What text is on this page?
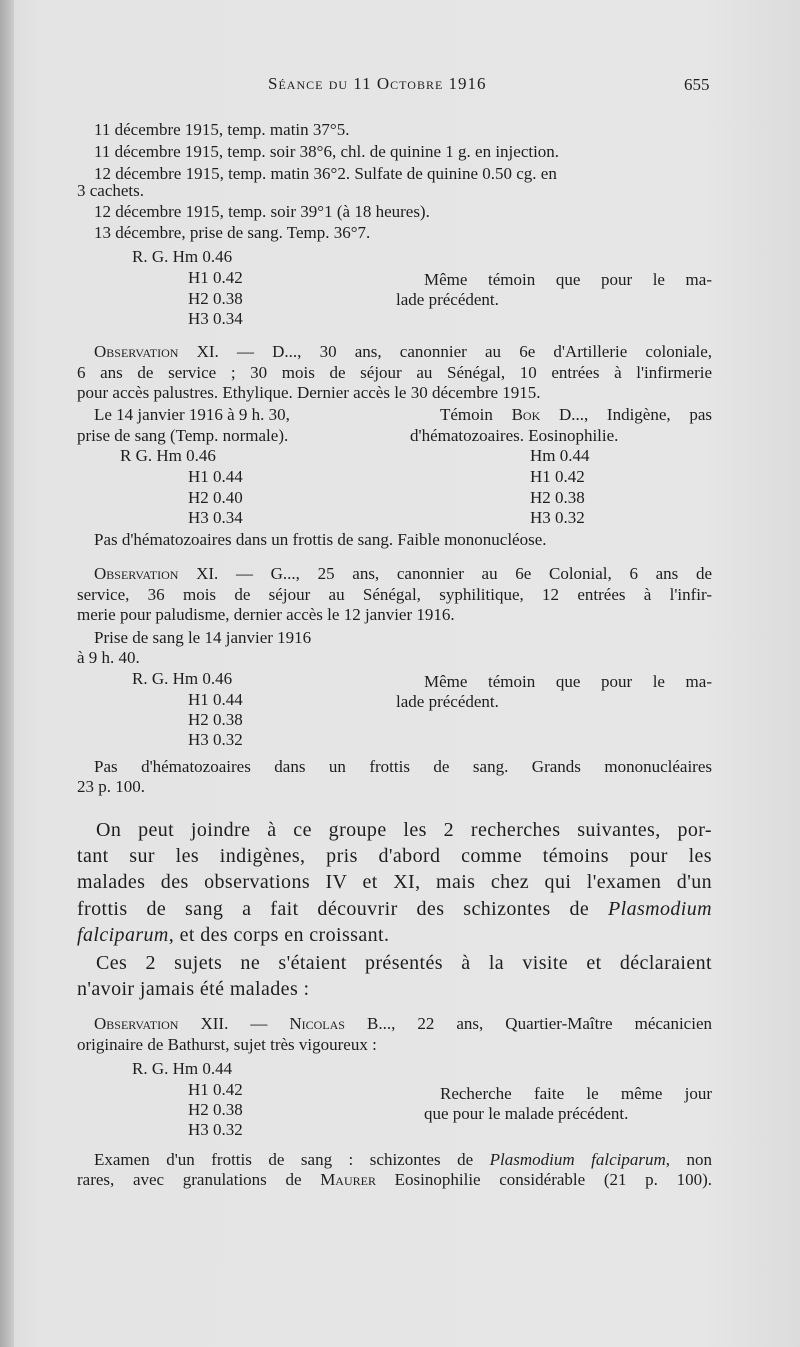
Séance du 11 Octobre 1916	655
11 décembre 1915, temp. matin 37°5.
11 décembre 1915, temp. soir 38°6, chl. de quinine 1 g. en injection.
12 décembre 1915, temp. matin 36°2. Sulfate de quinine 0.50 cg. en
3 cachets.
12 décembre 1915, temp. soir 39°1 (à 18 heures).
13 décembre, prise de sang. Temp. 36°7.
R. G. Hm 0.46
H1 0.42
H2 0.38
H3 0.34
Même témoin que pour le ma-
lade précédent.
Observation XI. — D..., 30 ans, canonnier au 6e d'Artillerie coloniale,
6 ans de service ; 30 mois de séjour au Sénégal, 10 entrées à l'infirmerie
pour accès palustres. Ethylique. Dernier accès le 30 décembre 1915.
Le 14 janvier 1916 à 9 h. 30,
prise de sang (Temp. normale).
Témoin Bok D..., Indigène, pas
d'hématozoaires. Eosinophilie.
R G. Hm 0.46
H1 0.44
H2 0.40
H3 0.34
Hm 0.44
H1 0.42
H2 0.38
H3 0.32
Pas d'hématozoaires dans un frottis de sang. Faible mononucléose.
Observation XI. — G..., 25 ans, canonnier au 6e Colonial, 6 ans de
service, 36 mois de séjour au Sénégal, syphilitique, 12 entrées à l'infir-
merie pour paludisme, dernier accès le 12 janvier 1916.
Prise de sang le 14 janvier 1916
à 9 h. 40.
R. G. Hm 0.46
H1 0.44
H2 0.38
H3 0.32
Même témoin que pour le ma-
lade précédent.
Pas d'hématozoaires dans un frottis de sang. Grands mononucléaires
23 p. 100.
On peut joindre à ce groupe les 2 recherches suivantes, por-
tant sur les indigènes, pris d'abord comme témoins pour les
malades des observations IV et XI, mais chez qui l'examen d'un
frottis de sang a fait découvrir des schizontes de Plasmodium
falciparum, et des corps en croissant.
Ces 2 sujets ne s'étaient présentés à la visite et déclaraient
n'avoir jamais été malades :
Observation XII. — Nicolas B..., 22 ans, Quartier-Maître mécanicien
originaire de Bathurst, sujet très vigoureux :
R. G. Hm 0.44
H1 0.42
H2 0.38
H3 0.32
Recherche faite le même jour
que pour le malade précédent.
Examen d'un frottis de sang : schizontes de Plasmodium falciparum, non
rares, avec granulations de Maurer Eosinophilie considérable (21 p. 100).
